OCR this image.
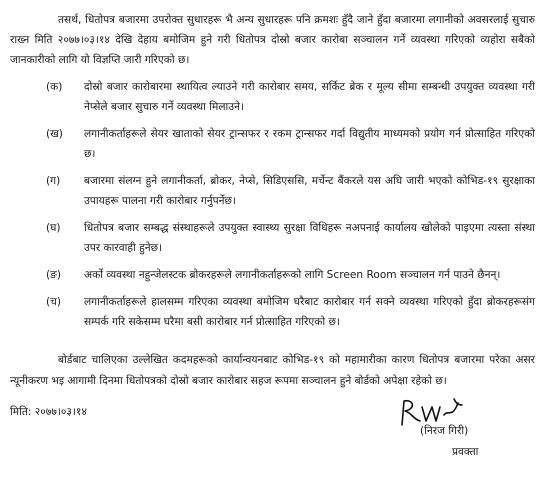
तसर्थ, धितोपत्र बजारमा उपरोक्त सुधारहरू भै अन्य सुधारहरू पनि क्रमशः हुँदै जाने हुँदा बजारमा लगानीको अवसरलाई सुचारु राख्न मिति २०७७।०३।१४ देखि देहाय बमोजिम हुने गरी धितोपत्र दोस्रो बजार कारोबा सञ्चालन गर्ने व्यवस्था गरिएको व्यहोरा सबैको जानकारीको लागि यो विज्ञप्ति जारी गरिएको छ।

(क)	दोस्रो बजार कारोबारमा स्थायित्व ल्याउने गरी कारोबार समय, सर्किट ब्रेक र मूल्य सीमा सम्बन्धी उपयुक्त व्यवस्था गरी नेप्सेले बजार सुचारु गर्ने व्यवस्था मिलाउने।
(ख)	लगानीकर्ताहरूले सेयर खाताको सेयर ट्रान्सफर र रकम ट्रान्सफर गर्दा विद्युतीय माध्यमको प्रयोग गर्न प्रोत्साहित गरिएको छ।
(ग)	बजारमा संलग्न हुने लगानीकर्ता, ब्रोकर, नेप्से, सिडिएससि, मर्चेन्ट बैंकरले यस अघि जारी भएको कोभिड-१९ सुरक्षाका उपायहरू पालना गरी कारोबार गर्नुपर्नेछ।
(घ)	धितोपत्र बजार सम्बद्ध संस्थाहरूले उपयुक्त स्वास्थ्य सुरक्षा विधिहरू नअपनाई कार्यालय खोलेको पाइएमा त्यस्ता संस्था उपर कारवाही हुनेछ।
(ङ)	अर्को व्यवस्था नहुन्जेलस्टक ब्रोकरहरूले लगानीकर्ताहरूको लागि Screen Room सञ्चालन गर्न पाउने छैनन्।
(च)	लगानीकर्ताहरूले हालसम्म गरिएका व्यवस्था बमोजिम घरैबाट कारोबार गर्न सक्ने व्यवस्था गरिएको हुँदा ब्रोकरहरूसंग सम्पर्क गरि सकेसम्म घरैमा बसी कारोबार गर्न प्रोत्साहित गरिएको छ।

बोर्डबाट चालिएका उल्लेखित कदमहरूको कार्यान्वयनबाट कोभिड-१९ को महामारीका कारण धितोपत्र बजारमा परेका असर न्यूनीकरण भइ आगामी दिनमा धितोपत्रको दोस्रो बजार कारोबार सहज रूपमा सञ्चालन हुने बोर्डको अपेक्षा रहेको छ।

मिति: २०७७।०३।१४
(निरज गिरी)
प्रवक्ता
